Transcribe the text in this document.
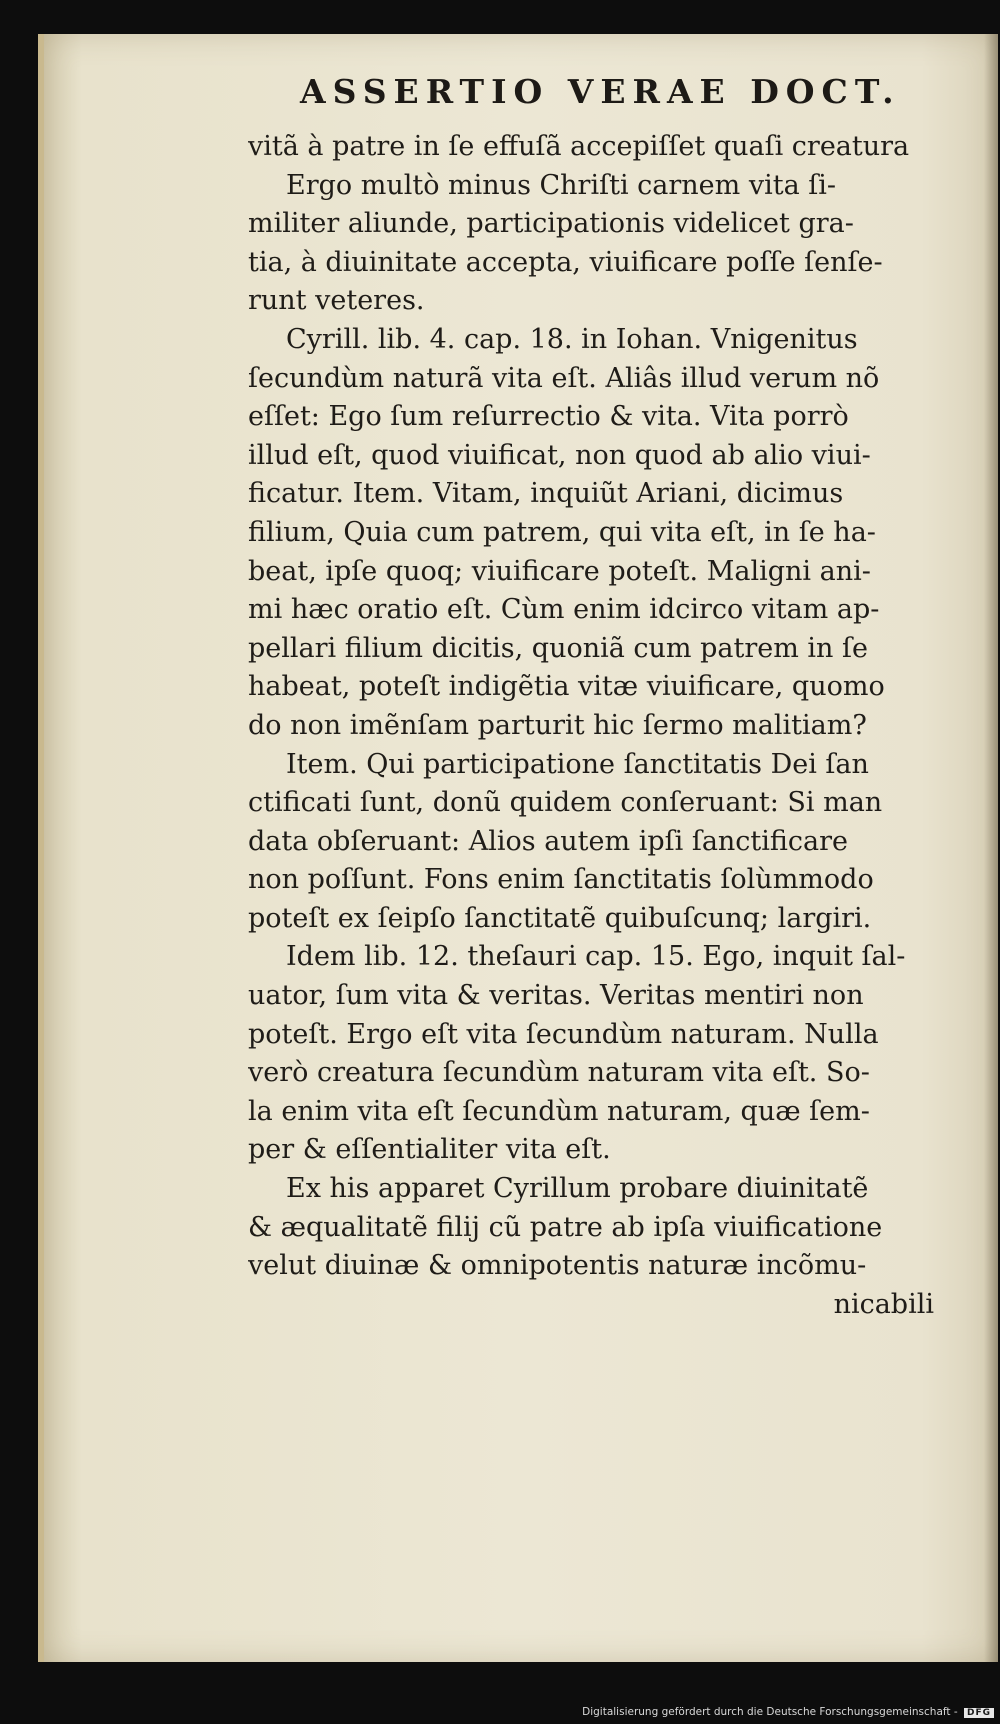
ASSERTIO VERAE DOCT.
vitã à patre in ſe effuſã accepiſſet quaſi creatura
Ergo multò minus Chriſti carnem vita ſi-
militer aliunde, participationis videlicet gra-
tia, à diuinitate accepta, viuificare poſſe ſenſe-
runt veteres.
Cyrill. lib. 4. cap. 18. in Iohan. Vnigenitus
ſecundùm naturã vita eſt. Aliâs illud verum nõ
eſſet: Ego ſum reſurrectio & vita. Vita porrò
illud eſt, quod viuificat, non quod ab alio viui-
ficatur. Item. Vitam, inquiũt Ariani, dicimus
filium, Quia cum patrem, qui vita eſt, in ſe ha-
beat, ipſe quoq; viuificare poteſt. Maligni ani-
mi hæc oratio eſt. Cùm enim idcirco vitam ap-
pellari filium dicitis, quoniã cum patrem in ſe
habeat, poteſt indigẽtia vitæ viuificare, quomo
do non imẽnſam parturit hic ſermo malitiam?
Item. Qui participatione ſanctitatis Dei ſan
ctificati ſunt, donũ quidem conſeruant: Si man
data obſeruant: Alios autem ipſi ſanctificare
non poſſunt. Fons enim ſanctitatis ſolùmmodo
poteſt ex ſeipſo ſanctitatẽ quibuſcunq; largiri.
Idem lib. 12. theſauri cap. 15. Ego, inquit ſal-
uator, ſum vita & veritas. Veritas mentiri non
poteſt. Ergo eſt vita ſecundùm naturam. Nulla
verò creatura ſecundùm naturam vita eſt. So-
la enim vita eſt ſecundùm naturam, quæ ſem-
per & eſſentialiter vita eſt.
Ex his apparet Cyrillum probare diuinitatẽ
& æqualitatẽ filij cũ patre ab ipſa viuificatione
velut diuinæ & omnipotentis naturæ incõmu-
nicabili
Digitalisierung gefördert durch die Deutsche Forschungsgemeinschaft - DFG
